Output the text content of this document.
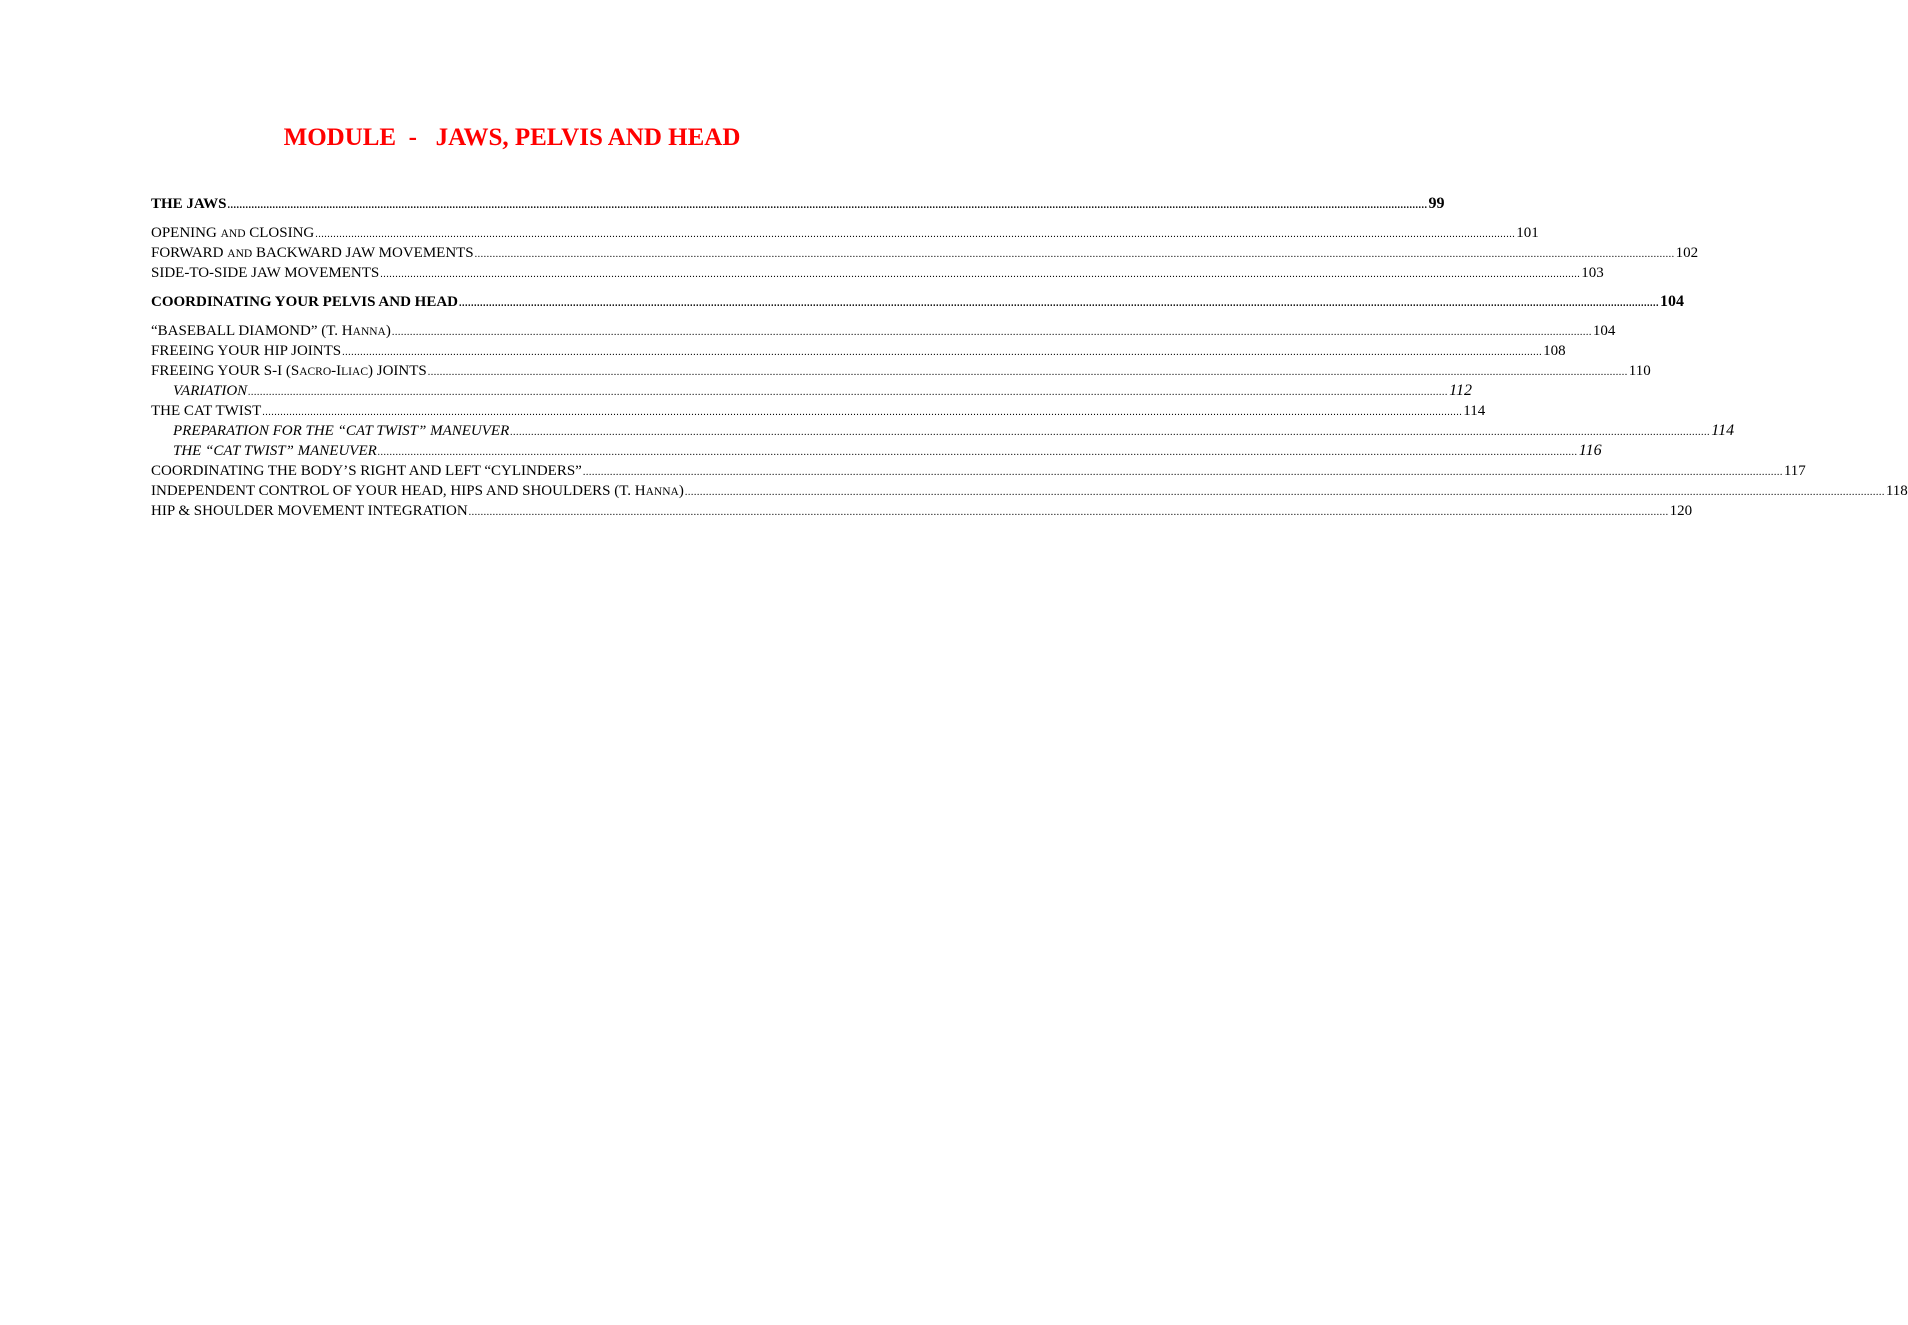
MODULE  -   JAWS, PELVIS AND HEAD
THE JAWS ................................................................................................................................................................................................................................................................................................................................................................................................................ 99
OPENING AND CLOSING ................................................................................................................................................................................................................................................................................................................................................................................................................ 101
FORWARD AND BACKWARD JAW MOVEMENTS ................................................................................................................................................................................................................................................................................................................................................................................................................ 102
SIDE-TO-SIDE JAW MOVEMENTS ................................................................................................................................................................................................................................................................................................................................................................................................................ 103
COORDINATING YOUR PELVIS AND HEAD ................................................................................................................................................................................................................................................................................................................................................................................................................ 104
“BASEBALL DIAMOND” (T. HANNA) ................................................................................................................................................................................................................................................................................................................................................................................................................ 104
FREEING YOUR HIP JOINTS ................................................................................................................................................................................................................................................................................................................................................................................................................ 108
FREEING YOUR S-I (SACRO-ILIAC) JOINTS ................................................................................................................................................................................................................................................................................................................................................................................................................ 110
VARIATION ................................................................................................................................................................................................................................................................................................................................................................................................................ 112
THE CAT TWIST ................................................................................................................................................................................................................................................................................................................................................................................................................ 114
PREPARATION FOR THE “CAT TWIST” MANEUVER ................................................................................................................................................................................................................................................................................................................................................................................................................ 114
THE “CAT TWIST” MANEUVER ................................................................................................................................................................................................................................................................................................................................................................................................................ 116
COORDINATING THE BODY’S RIGHT AND LEFT “CYLINDERS” ................................................................................................................................................................................................................................................................................................................................................................................................................ 117
INDEPENDENT CONTROL OF YOUR HEAD, HIPS AND SHOULDERS (T. HANNA) ................................................................................................................................................................................................................................................................................................................................................................................................................ 118
HIP & SHOULDER MOVEMENT INTEGRATION ................................................................................................................................................................................................................................................................................................................................................................................................................ 120
